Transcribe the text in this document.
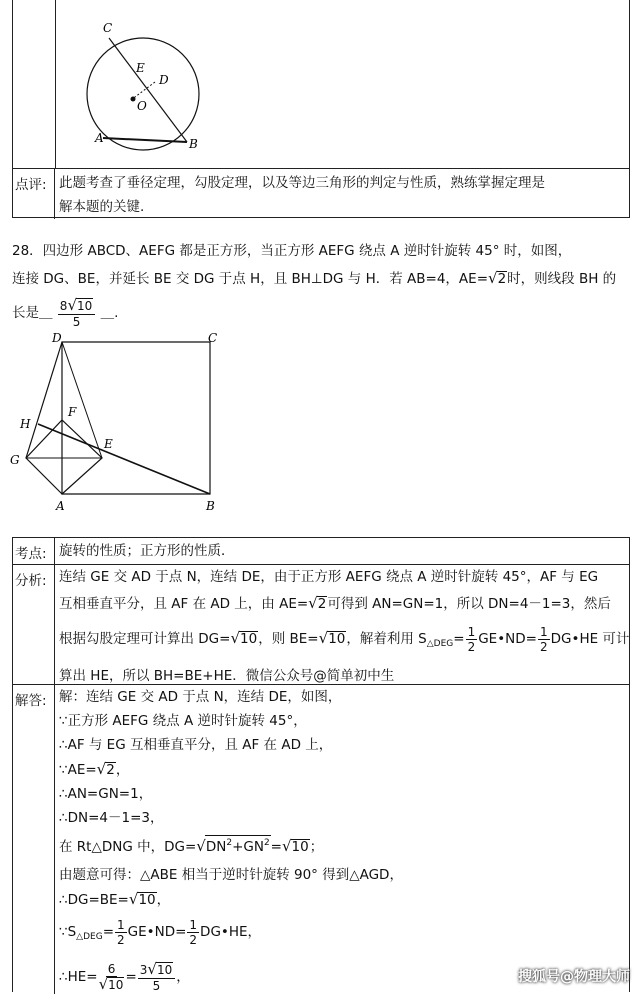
C
E
D
O
A	B
点评: 此题考查了垂径定理，勾股定理，以及等边三角形的判定与性质，熟练掌握定理是
解本题的关键.
28．四边形 ABCD、AEFG 都是正方形，当正方形 AEFG 绕点 A 逆时针旋转 45° 时，如图，
连接 DG、BE，并延长 BE 交 DG 于点 H，且 BH⊥DG 与 H．若 AB=4，AE=√2时，则线段 BH 的
长是＿ $\frac{8√10}{5}$ ＿.
D	C
H
F
E
G
A	B
考点: 旋转的性质；正方形的性质．
分析: 连结 GE 交 AD 于点 N，连结 DE，由于正方形 AEFG 绕点 A 逆时针旋转 45°，AF 与 EG
互相垂直平分，且 AF 在 AD 上，由 AE=√2可得到 AN=GN=1，所以 DN=4－1=3，然后
根据勾股定理可计算出 DG=√10，则 BE=√10，解着利用 $S_{\triangle DEG}= \frac{1}{2}$ GE•ND= $\frac{1}{2}$ DG•HE 可计
算出 HE，所以 BH=BE+HE．微信公众号@简单初中生
解答: 解：连结 GE 交 AD 于点 N，连结 DE，如图，
∵正方形 AEFG 绕点 A 逆时针旋转 45°，
∴AF 与 EG 互相垂直平分，且 AF 在 AD 上，
∵AE=√2，
∴AN=GN=1，
∴DN=4－1=3，
在 Rt△DNG 中，$DG=√DN^2+GN^2=√10$；
由题意可得：△ABE 相当于逆时针旋转 90° 得到△AGD，
∴DG=BE=√10，
$\because S_{\triangle DEG}= \frac{1}{2}$ GE•ND= $\frac{1}{2}$ DG•HE，
∴HE= $\frac{6}{√10} = \frac{3√10}{5}$ ，	搜狐号@物理大师
